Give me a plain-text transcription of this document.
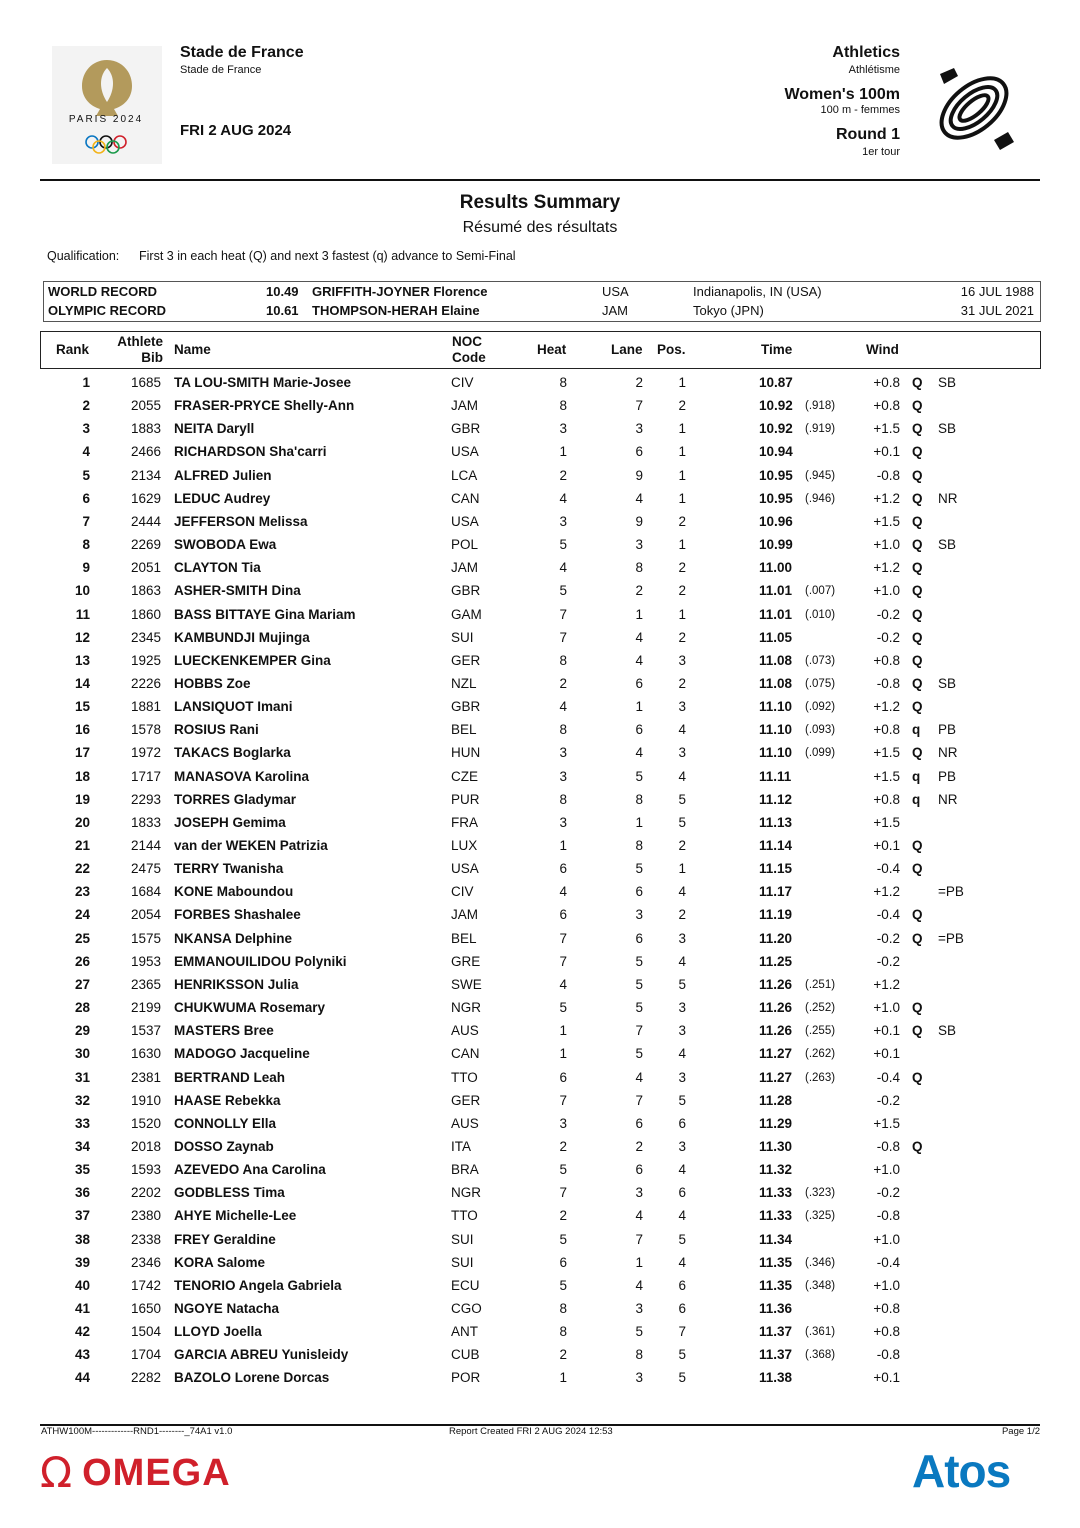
PARIS 2024
Stade de France
Stade de France
FRI 2 AUG 2024
Athletics
Athlétisme
Women's 100m
100 m - femmes
Round 1
1er tour
Results Summary
Résumé des résultats
Qualification: First 3 in each heat (Q) and next 3 fastest (q) advance to Semi-Final
WORLD RECORD	10.49 GRIFFITH-JOYNER Florence	USA	Indianapolis, IN (USA)	16 JUL 1988
OLYMPIC RECORD	10.61 THOMPSON-HERAH Elaine	JAM	Tokyo (JPN)	31 JUL 2021
Rank
Athlete
Bib
Name
NOC
Code
Heat	Lane Pos.	Time	Wind
1	1685 TA LOU-SMITH Marie-Josee	CIV	8	2	1	10.87	+0.8 Q SB
2	2055 FRASER-PRYCE Shelly-Ann	JAM	8	7	2	10.92 (.918)	+0.8 Q
3	1883 NEITA Daryll	GBR	3	3	1	10.92 (.919)	+1.5 Q SB
4	2466 RICHARDSON Sha'carri	USA	1	6	1	10.94	+0.1 Q
5	2134 ALFRED Julien	LCA	2	9	1	10.95 (.945)	-0.8 Q
6	1629 LEDUC Audrey	CAN	4	4	1	10.95 (.946)	+1.2 Q NR
7	2444 JEFFERSON Melissa	USA	3	9	2	10.96	+1.5 Q
8	2269 SWOBODA Ewa	POL	5	3	1	10.99	+1.0 Q SB
9	2051 CLAYTON Tia	JAM	4	8	2	11.00	+1.2 Q
10	1863 ASHER-SMITH Dina	GBR	5	2	2	11.01 (.007)	+1.0 Q
11	1860 BASS BITTAYE Gina Mariam	GAM	7	1	1	11.01 (.010)	-0.2 Q
12	2345 KAMBUNDJI Mujinga	SUI	7	4	2	11.05	-0.2 Q
13	1925 LUECKENKEMPER Gina	GER	8	4	3	11.08 (.073)	+0.8 Q
14	2226 HOBBS Zoe	NZL	2	6	2	11.08 (.075)	-0.8 Q SB
15	1881 LANSIQUOT Imani	GBR	4	1	3	11.10 (.092)	+1.2 Q
16	1578 ROSIUS Rani	BEL	8	6	4	11.10 (.093)	+0.8 q PB
17	1972 TAKACS Boglarka	HUN	3	4	3	11.10 (.099)	+1.5 Q NR
18	1717 MANASOVA Karolina	CZE	3	5	4	11.11	+1.5 q PB
19	2293 TORRES Gladymar	PUR	8	8	5	11.12	+0.8 q NR
20	1833 JOSEPH Gemima	FRA	3	1	5	11.13	+1.5
21	2144 van der WEKEN Patrizia	LUX	1	8	2	11.14	+0.1 Q
22	2475 TERRY Twanisha	USA	6	5	1	11.15	-0.4 Q
23	1684 KONE Maboundou	CIV	4	6	4	11.17	+1.2	=PB
24	2054 FORBES Shashalee	JAM	6	3	2	11.19	-0.4 Q
25	1575 NKANSA Delphine	BEL	7	6	3	11.20	-0.2 Q =PB
26	1953 EMMANOUILIDOU Polyniki	GRE	7	5	4	11.25	-0.2
27	2365 HENRIKSSON Julia	SWE	4	5	5	11.26 (.251)	+1.2
28	2199 CHUKWUMA Rosemary	NGR	5	5	3	11.26 (.252)	+1.0 Q
29	1537 MASTERS Bree	AUS	1	7	3	11.26 (.255)	+0.1 Q SB
30	1630 MADOGO Jacqueline	CAN	1	5	4	11.27 (.262)	+0.1
31	2381 BERTRAND Leah	TTO	6	4	3	11.27 (.263)	-0.4 Q
32	1910 HAASE Rebekka	GER	7	7	5	11.28	-0.2
33	1520 CONNOLLY Ella	AUS	3	6	6	11.29	+1.5
34	2018 DOSSO Zaynab	ITA	2	2	3	11.30	-0.8 Q
35	1593 AZEVEDO Ana Carolina	BRA	5	6	4	11.32	+1.0
36	2202 GODBLESS Tima	NGR	7	3	6	11.33 (.323)	-0.2
37	2380 AHYE Michelle-Lee	TTO	2	4	4	11.33 (.325)	-0.8
38	2338 FREY Geraldine	SUI	5	7	5	11.34	+1.0
39	2346 KORA Salome	SUI	6	1	4	11.35 (.346)	-0.4
40	1742 TENORIO Angela Gabriela	ECU	5	4	6	11.35 (.348)	+1.0
41	1650 NGOYE Natacha	CGO	8	3	6	11.36	+0.8
42	1504 LLOYD Joella	ANT	8	5	7	11.37 (.361)	+0.8
43	1704 GARCIA ABREU Yunisleidy	CUB	2	8	5	11.37 (.368)	-0.8
44	2282 BAZOLO Lorene Dorcas	POR	1	3	5	11.38	+0.1
ATHW100M-------------RND1--------_74A1 v1.0	Report Created FRI 2 AUG 2024 12:53	Page 1/2
Ω OMEGA	Atos
